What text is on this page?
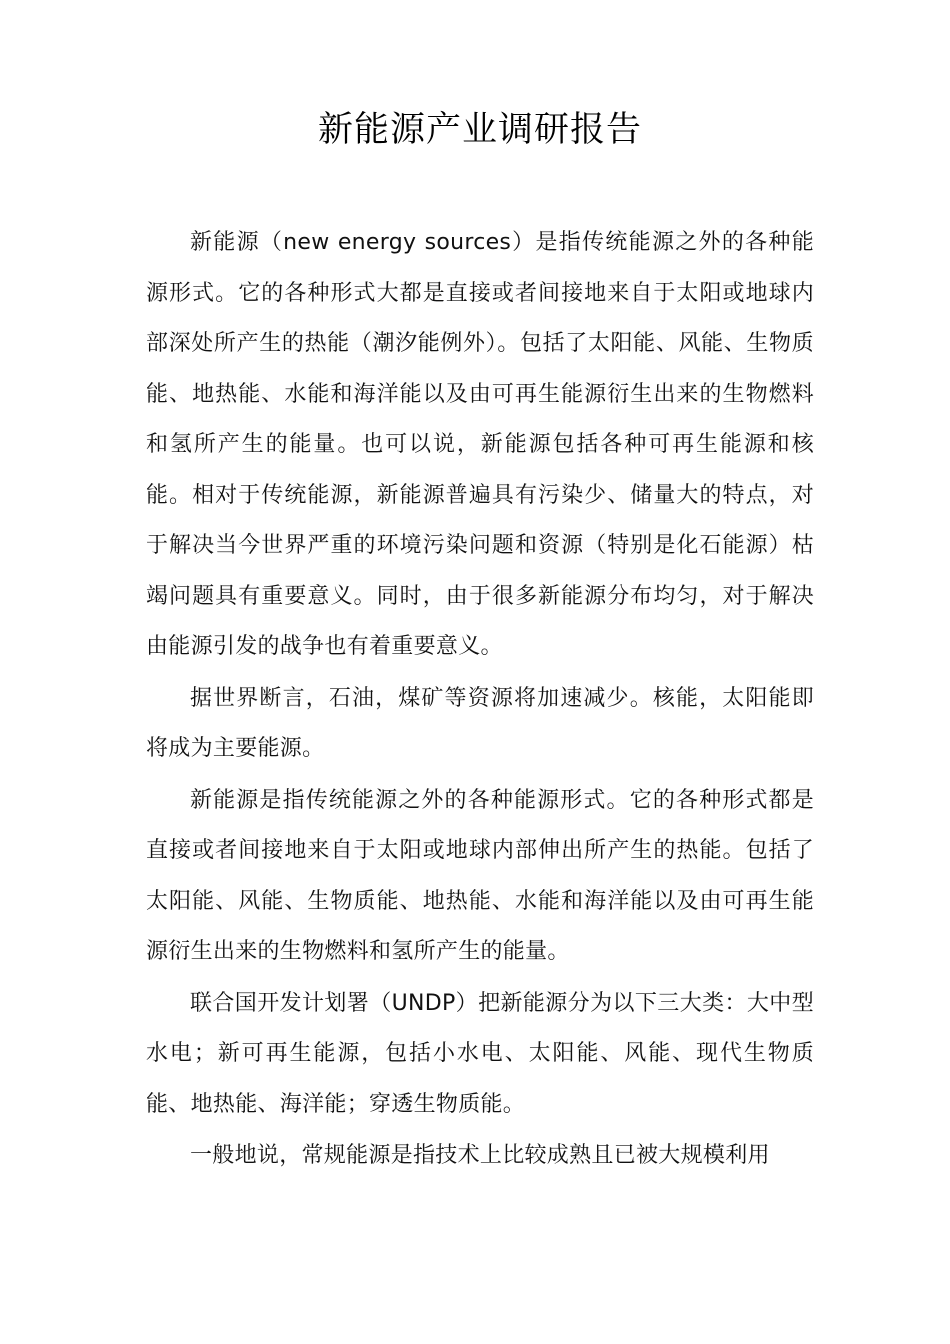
新能源产业调研报告

新能源（new energy sources）是指传统能源之外的各种能源形式。它的各种形式大都是直接或者间接地来自于太阳或地球内部深处所产生的热能（潮汐能例外）。包括了太阳能、风能、生物质能、地热能、水能和海洋能以及由可再生能源衍生出来的生物燃料和氢所产生的能量。也可以说，新能源包括各种可再生能源和核能。相对于传统能源，新能源普遍具有污染少、储量大的特点，对于解决当今世界严重的环境污染问题和资源（特别是化石能源）枯竭问题具有重要意义。同时，由于很多新能源分布均匀，对于解决由能源引发的战争也有着重要意义。

据世界断言，石油，煤矿等资源将加速减少。核能，太阳能即将成为主要能源。

新能源是指传统能源之外的各种能源形式。它的各种形式都是直接或者间接地来自于太阳或地球内部伸出所产生的热能。包括了太阳能、风能、生物质能、地热能、水能和海洋能以及由可再生能源衍生出来的生物燃料和氢所产生的能量。

联合国开发计划署（UNDP）把新能源分为以下三大类：大中型水电；新可再生能源，包括小水电、太阳能、风能、现代生物质能、地热能、海洋能；穿透生物质能。

一般地说，常规能源是指技术上比较成熟且已被大规模利用
